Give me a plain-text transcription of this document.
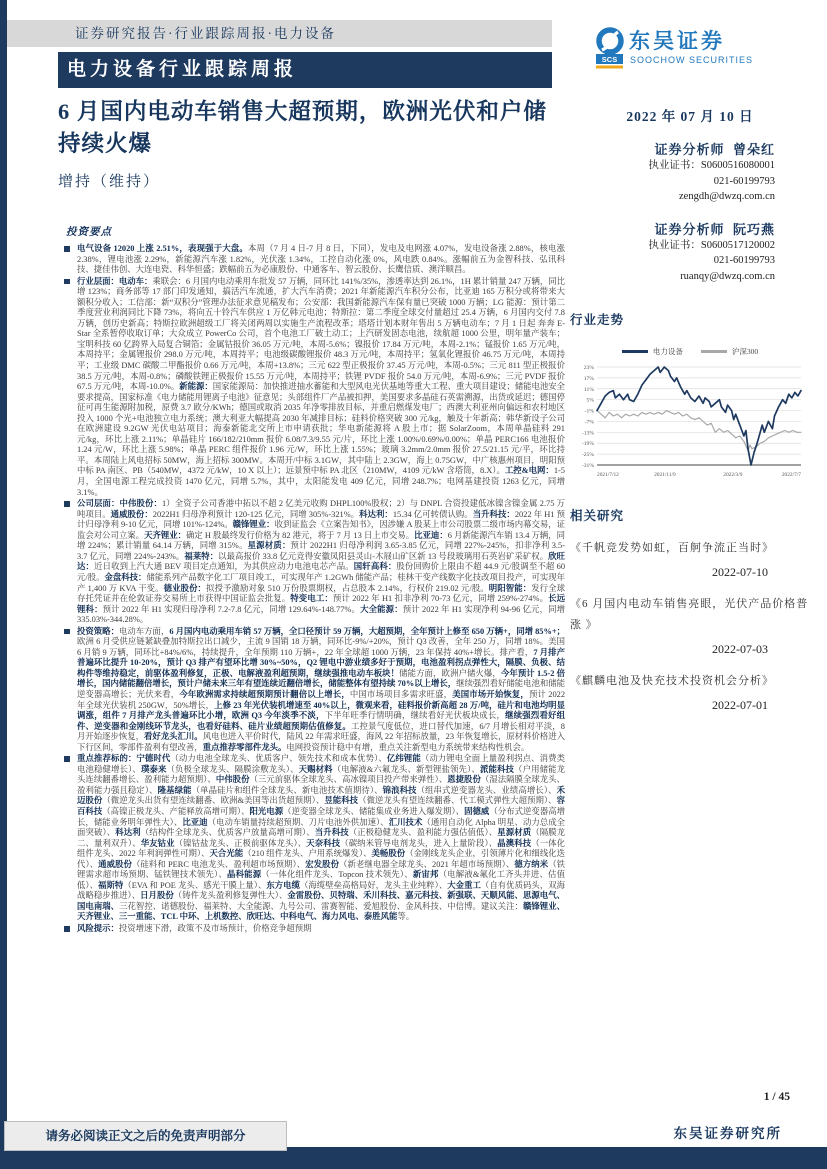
证券研究报告·行业跟踪周报·电力设备
电力设备行业跟踪周报
6 月国内电动车销售大超预期，欧洲光伏和户储持续火爆
增持（维持）
投资要点
电气设备 12020 上涨 2.51%，表现强于大盘。本周（7 月 4 日-7 月 8 日，下同），发电及电网涨 4.07%，发电设备涨 2.88%，核电涨 2.38%，锂电池涨 2.29%，新能源汽车涨 1.82%，光伏涨 1.34%，工控自动化涨 0%，风电跌 0.84%。涨幅前五为金智科技、弘讯科技、捷佳伟创、大连电瓷、科华恒盛；跌幅前五为必康股份、中通客车、智云股份、长鹰信质、澳洋顺昌。
行业层面：电动车：乘联会：6 月国内电动乘用车批发 57 万辆，同环比 141%/35%，渗透率达到 26.1%，1H 累计销量 247 万辆，同比增 123%；商务部等 17 部门印发通知，搞活汽车流通，扩大汽车消费；2021 年新能源汽车积分公布，比亚迪 165 万积分或将带来大额积分收入；工信部：新“双积分”管理办法征求意见稿发布；公安部：我国新能源汽车保有量已突破 1000 万辆；LG 能源：预计第二季度营业利润同比下降 73%，将向五十铃汽车供应 1 万亿韩元电池；特斯拉：第二季度全球交付量超过 25.4 万辆，6 月国内交付 7.8 万辆，创历史新高；特斯拉欧洲超级工厂将关闭两周以实施生产流程改革；塔塔计划本财年售出 5 万辆电动车；7 月 1 日起 奔奔 E-Star 全系暂停收取订单；大众成立 PowerCo 公司，首个电池工厂破土动工；上汽研发固态电池，续航超 1000 公里，明年量产装车；宝明科技 60 亿跨界入局复合铜箔；金属钴报价 36.05 万元/吨，本周-5.6%；镍报价 17.84 万元/吨，本周-2.1%；锰报价 1.65 万元/吨，本周持平；金属锂报价 298.0 万元/吨，本周持平；电池级碳酸锂报价 48.3 万元/吨，本周持平；氢氧化锂报价 46.75 万元/吨，本周持平；工业级 DMC 碳酸二甲酯报价 0.66 万元/吨，本周+13.8%；三元 622 型正极报价 37.45 万元/吨，本周-0.5%；三元 811 型正极报价 38.5 万元/吨，本周-0.8%；磷酸铁锂正极报价 15.55 万元/吨，本周持平；铁锂 PVDF 报价 54.0 万元/吨，本周-6.9%；三元 PVDF 报价 67.5 万元/吨，本周-10.0%。新能源：国家能源局：加快推进抽水蓄能和大型风电光伏基地等重大工程、重大项目建设；储能电池安全要求提高，国家标准《电力储能用锂离子电池》征意见；头部组件厂产品被扣押，美国要求多晶硅石英需溯源，出货或延迟；德国停征可再生能源附加税，原费 3.7 欧分/KWh；德国或取消 2035 年净零排放目标，并重启燃煤发电厂；西澳大利亚州向偏远和农村地区投入 1000 个光+电池独立电力系统；澳大利亚大幅提高 2030 年减排目标；硅料价格突破 300 元/kg，触及十年新高；韩华新设子公司在欧洲建设 9.2GW 光伏电站项目；海泰新能北交所上市申请获批；华电新能源将 A 股上市；据 SolarZoom，本周单晶硅料 291 元/kg，环比上涨 2.11%；单晶硅片 166/182/210mm 报价 6.08/7.3/9.55 元/片，环比上涨 1.00%/0.69%/0.00%；单晶 PERC166 电池报价 1.24 元/W，环比上涨 5.98%；单晶 PERC 组件报价 1.96 元/W，环比上涨 1.55%；玻璃 3.2mm/2.0mm 报价 27.5/21.15 元/平，环比持平。本周陆上风电招标 50MW，海上招标 300MW。本周开/中标 3.1GW，其中陆上 2.3GW，海上 0.75GW，中广核惠州项目，明阳预中标 PA 南区、PB（540MW，4372 元/kW，10 X 以上）；远景预中标 PA 北区（210MW，4109 元/kW 含塔筒，8.X）。工控&电网：1-5 月，全国电源工程完成投资 1470 亿元，同增 5.7%，其中，太阳能发电 409 亿元，同增 248.7%；电网基建投资 1263 亿元，同增 3.1%。
公司层面：中伟股份：1）全资子公司香港中拓以不超 2 亿美元收购 DHPL100%股权；2）与 DNPL 合资投建低冰镍含镍金属 2.75 万吨项目。通威股份：2022H1 归母净利预计 120-125 亿元，同增 305%-321%。科达利：15.34 亿可转债认购。当升科技：2022 年 H1 预计归母净利 9-10 亿元，同增 101%-124%。赣锋锂业：收到证监会《立案告知书》，因涉嫌 A 股某上市公司股票二级市场内幕交易，证监会对公司立案。天齐锂业：确定 H 股最终发行价格为 82 港元，将于 7 月 13 日上市交易。比亚迪：6 月新能源汽车销 13.4 万辆，同增 224%；累计销量 64.14 万辆，同增 315%。星源材质：预计 2022H1 归母净利润 3.65-3.85 亿元，同增 227%-245%，扣非净利 3.5-3.7 亿元，同增 224%-243%。福莱特：以最高报价 33.8 亿元竞得安徽凤阳县灵山-木屐山矿区新 13 号段玻璃用石英岩矿采矿权。欣旺达：近日收到上汽大通 BEV 项目定点通知，为其供应动力电池电芯产品。国轩高科：股份回购价上限由不超 44.9 元/股调至不超 60 元/股。金盘科技：储能系列产品数字化工厂项目竣工，可实现年产 1.2GWh 储能产品；桂林干变产线数字化技改项目投产，可实现年产 1,400 万 KVA 干变。德业股份：拟授予激励对象 510 万份股票期权，占总股本 2.14%，行权价 219.02 元/股。明阳智能：发行全球存托凭证并在伦敦证券交易所上市获得中国证监会批复。特变电工：预计 2022 年 H1 扣非净利 70-73 亿元，同增 259%-274%。长远锂科：预计 2022 年 H1 实现归母净利 7.2-7.8 亿元，同增 129.64%-148.77%。大全能源：预计 2022 年 H1 实现净利 94-96 亿元，同增 335.03%-344.28%。
投资策略：电动车方面，6 月国内电动乘用车销 57 万辆，全口径预计 59 万辆，大超预期，全年预计上修至 650 万辆+，同增 85%+；欧洲 6 月受供应链紧缺叠加特斯拉出口减少，主流 9 国销 18 万辆，同环比-9%/+20%，预计 Q3 改善，全年 250 万，同增 18%。美国 6 月销 9 万辆，同环比+84%/6%，持续提升，全年预期 110 万辆+，22 年全球超 1000 万辆，23 年保持 40%+增长。排产看，7 月排产普遍环比提升 10-20%，预计 Q3 排产有望环比增 30%~50%，Q2 锂电中游业绩多好于预期，电池盈利拐点弹性大，隔膜、负极、结构件等维持稳定，前驱体盈利修复，正极、电解液盈利超预期，继续强推电动车板块！储能方面，欧洲户储火爆，今年预计 1.5-2 倍增长，国内储能翻倍增长，预计户储未来三年有望连续近翻倍增长，储能整体有望持续 70%以上增长，继续强烈看好储能电池和储能逆变器高增长；光伏来看，今年欧洲需求持续超预期预计翻倍以上增长，中国市场项目多需求旺盛，美国市场开始恢复，预计 2022 年全球光伏装机 250GW，50%增长，上修 23 年光伏装机增速至 40%以上，微观来看，硅料报价新高超 28 万/吨，硅片和电池均明显调涨，组件 7 月排产龙头普遍环比小增，欧洲 Q3 今年淡季不淡，下半年旺季行情明确，继续看好光伏板块成长，继续强烈看好组件、逆变器和金刚线环节龙头，也看好硅料、硅片业绩超预期估值修复。工控景气度低位，进口替代加速，6/7 月增长相对平淡，8 月开始逐步恢复，看好龙头汇川。风电也进入平价时代，陆风 22 年需求旺盛，海风 22 年招标放量，23 年恢复增长，原材料价格进入下行区间，零部件盈利有望改善，重点推荐零部件龙头。电网投资预计稳中有增，重点关注新型电力系统带来结构性机会。
重点推荐标的：宁德时代（动力电池全球龙头、优质客户、领先技术和成本优势）、亿纬锂能（动力锂电全面上量盈利拐点、消费类电池稳健增长）、璞泰来（负极全球龙头、隔膜涂敷龙头）、天赐材料（电解液&六氟龙头、新型锂盐领先）、派能科技（户用储能龙头连续翻番增长、盈利能力超预期）、中伟股份（三元前驱体全球龙头、高冰镍项目投产带来弹性）、恩捷股份（湿法隔膜全球龙头、盈利能力强且稳定）、隆基绿能（单晶硅片和组件全球龙头、新电池技术值期待）、锦浪科技（组串式逆变器龙头、业绩高增长）、禾迈股份（微逆龙头出货有望连续翻番、欧洲&美国等出货超预期）、昱能科技（微逆龙头有望连续翻番、代工模式弹性大超预期）、容百科技（高镍正极龙头、产能释放高增可期）、阳光电源（逆变器全球龙头、储能集成业务进入爆发期）、固德威（分布式逆变器高增长，储能业务明年弹性大）、比亚迪（电动车销量持续超预期、刀片电池外供加速）、汇川技术（通用自动化 Alpha 明星、动力总成全面突破）、科达利（结构件全球龙头、优质客户放量高增可期）、当升科技（正极稳健龙头、盈利能力强估值低）、星源材质（隔膜龙二、量利双升）、华友钴业（镍钴盐龙头、正极前驱体龙头）、天奈科技（碳纳米管导电剂龙头，进入上量阶段）、晶澳科技（一体化组件龙头、2022 年利润弹性可期）、天合光能（210 组件龙头、户用系统爆发）、美畅股份（金刚线龙头企业，引领薄片化和细线化迭代）、通威股份（硅料和 PERC 电池龙头、盈利超市场预期）、宏发股份（新老继电器全球龙头、2021 年超市场预期）、德方纳米（铁锂需求超市场预期、锰铁锂技术领先）、晶科能源（一体化组件龙头、Topcon 技术领先）、新宙邦（电解液&氟化工齐头并进、估值低）、福斯特（EVA 和 POE 龙头、感光干膜上量）、东方电缆（海缆壁垒高格局好，龙头主业纯粹）、大金重工（自有优质码头，双海战略稳步推进）、日月股份（铸件龙头盈利修复弹性大）、金雷股份、贝特瑞、禾川科技、嘉元科技、新强联、天顺风能、思源电气、国电南瑞、三花智控、诺德股份、福莱特、大全能源、九号公司、雷赛智能、爱旭股份、金风科技、中信博。建议关注：赣锋锂业、天齐锂业、三一重能、TCL 中环、上机数控、欣旺达、中科电气、海力风电、泰胜风能等。
风险提示：投资增速下滑，政策不及市场预计，价格竞争超预期
SCS
东吴证券
SOOCHOW SECURITIES
2022 年 07 月 10 日
证券分析师 曾朵红
执业证书：S0600516080001
021-60199793
zengdh@dwzq.com.cn
证券分析师 阮巧燕
执业证书：S0600517120002
021-60199793
ruanqy@dwzq.com.cn
行业走势
电力设备	沪深300
23%
17%
11%
5%
-1%
-7%
-13%
-19%
-25%
-31%
2021/7/12	2021/11/9	2022/3/9	2022/7/7
相关研究
《千帆竞发势如虹，百舸争流正当时》
2022-07-10
《6 月国内电动车销售亮眼，光伏产品价格普涨 》
2022-07-03
《麒麟电池及快充技术投资机会分析》
2022-07-01
1 / 45
东吴证券研究所
请务必阅读正文之后的免责声明部分
